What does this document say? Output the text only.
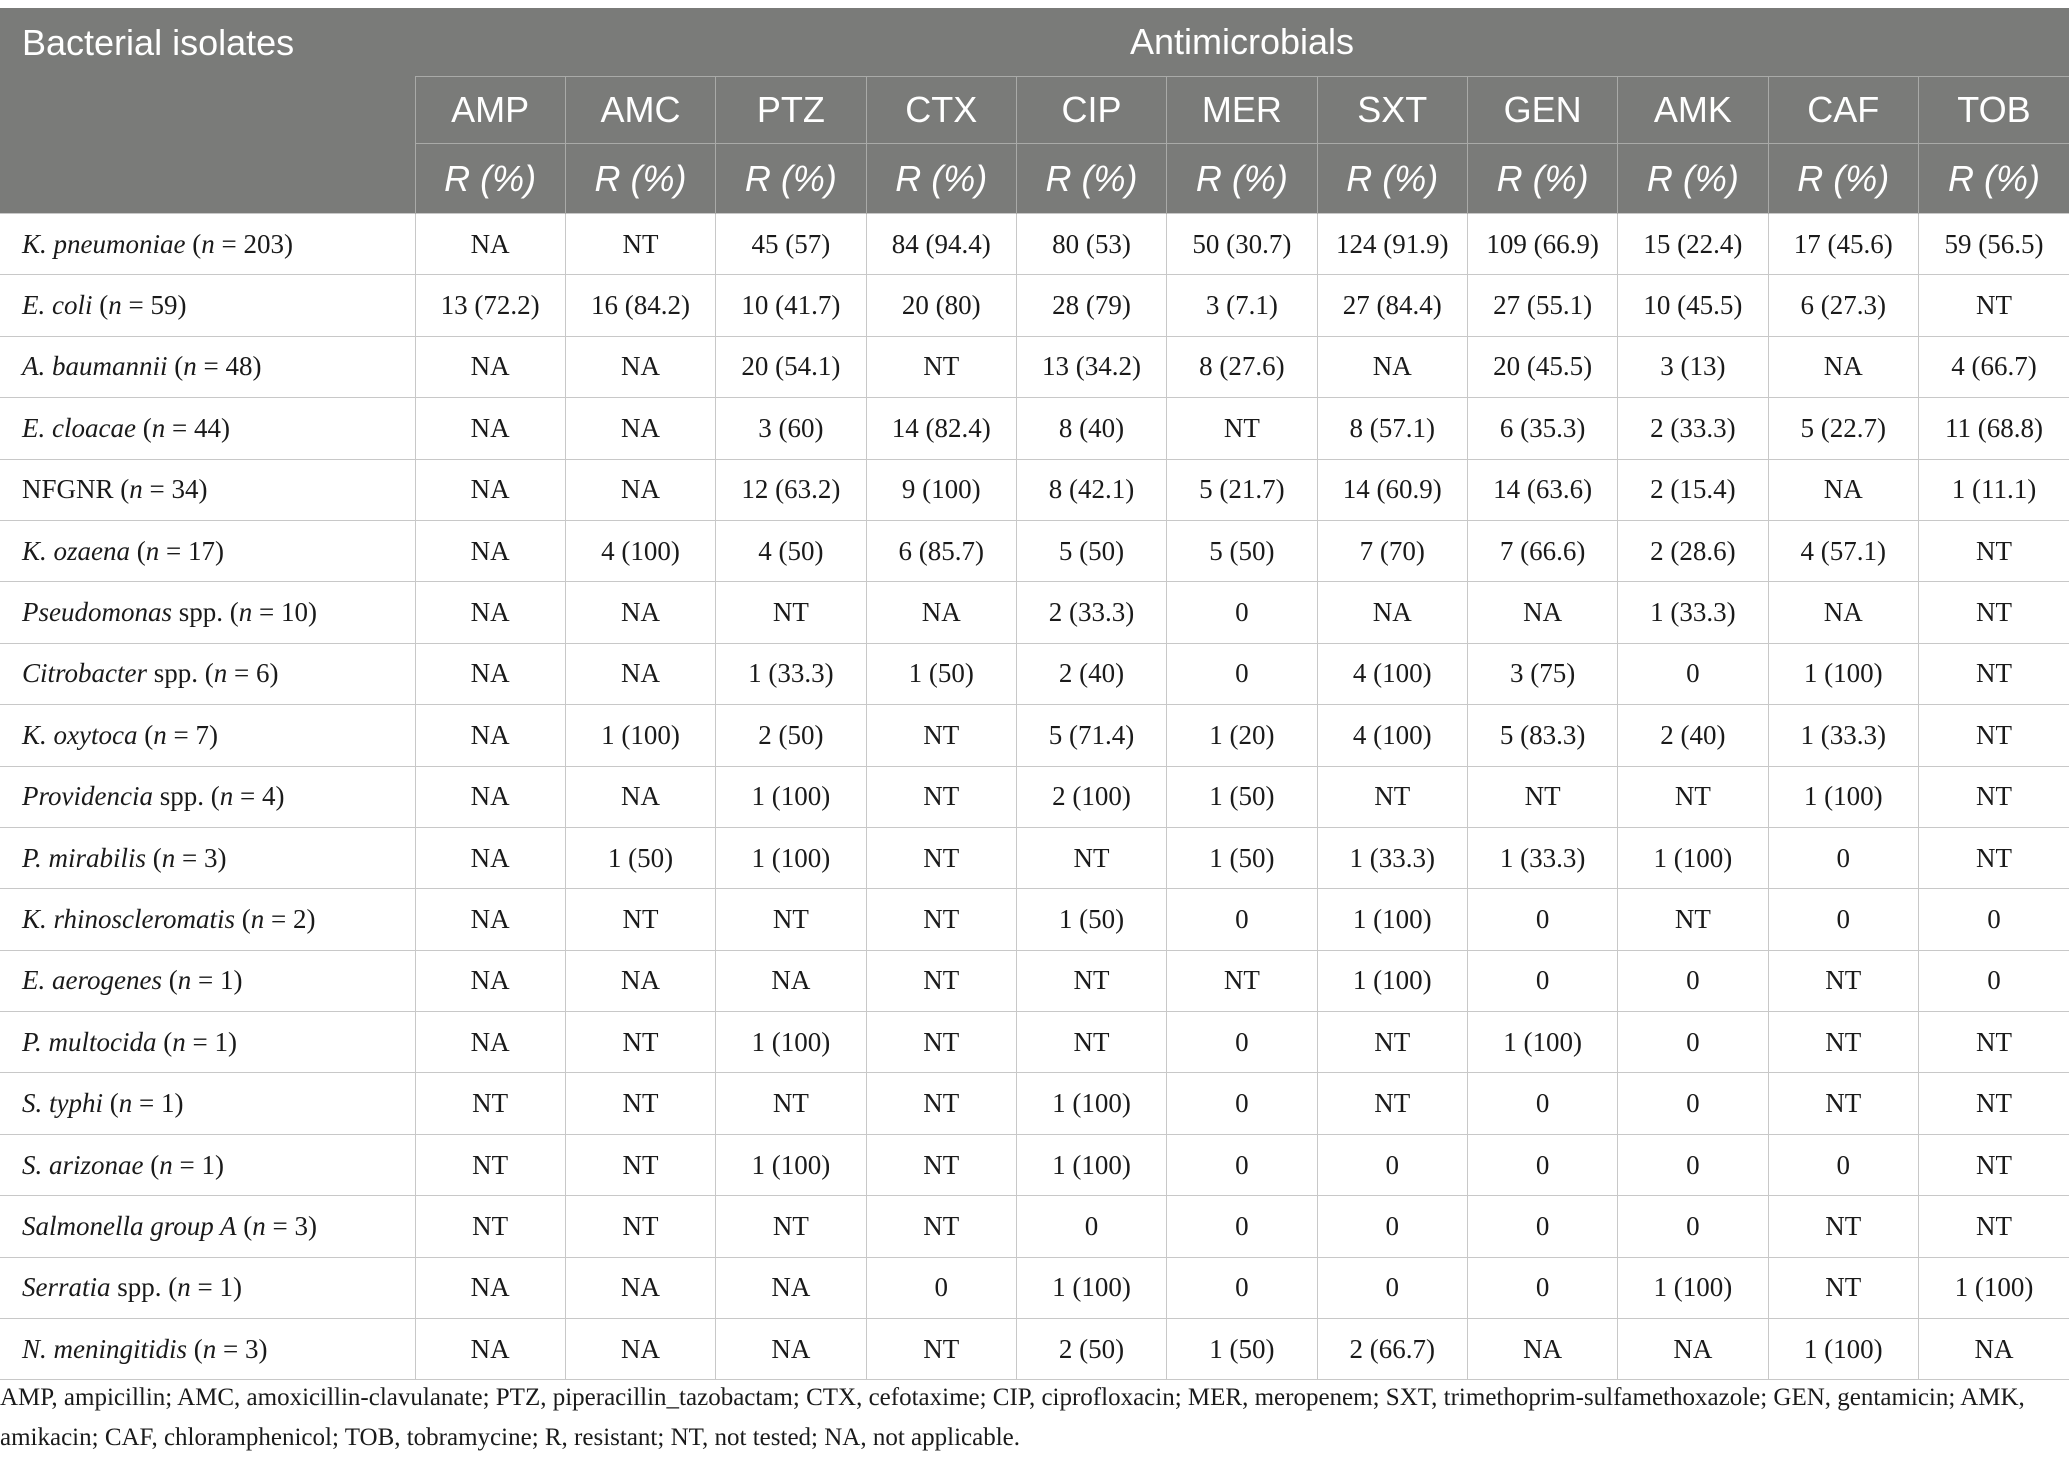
Bacterial isolates	Antimicrobials										
	AMP	AMC	PTZ	CTX	CIP	MER	SXT	GEN	AMK	CAF	TOB
	R (%)	R (%)	R (%)	R (%)	R (%)	R (%)	R (%)	R (%)	R (%)	R (%)	R (%)
K. pneumoniae (n = 203)	NA	NT	45 (57)	84 (94.4)	80 (53)	50 (30.7)	124 (91.9)	109 (66.9)	15 (22.4)	17 (45.6)	59 (56.5)
E. coli (n = 59)	13 (72.2)	16 (84.2)	10 (41.7)	20 (80)	28 (79)	3 (7.1)	27 (84.4)	27 (55.1)	10 (45.5)	6 (27.3)	NT
A. baumannii (n = 48)	NA	NA	20 (54.1)	NT	13 (34.2)	8 (27.6)	NA	20 (45.5)	3 (13)	NA	4 (66.7)
E. cloacae (n = 44)	NA	NA	3 (60)	14 (82.4)	8 (40)	NT	8 (57.1)	6 (35.3)	2 (33.3)	5 (22.7)	11 (68.8)
NFGNR (n = 34)	NA	NA	12 (63.2)	9 (100)	8 (42.1)	5 (21.7)	14 (60.9)	14 (63.6)	2 (15.4)	NA	1 (11.1)
K. ozaena (n = 17)	NA	4 (100)	4 (50)	6 (85.7)	5 (50)	5 (50)	7 (70)	7 (66.6)	2 (28.6)	4 (57.1)	NT
Pseudomonas spp. (n = 10)	NA	NA	NT	NA	2 (33.3)	0	NA	NA	1 (33.3)	NA	NT
Citrobacter spp. (n = 6)	NA	NA	1 (33.3)	1 (50)	2 (40)	0	4 (100)	3 (75)	0	1 (100)	NT
K. oxytoca (n = 7)	NA	1 (100)	2 (50)	NT	5 (71.4)	1 (20)	4 (100)	5 (83.3)	2 (40)	1 (33.3)	NT
Providencia spp. (n = 4)	NA	NA	1 (100)	NT	2 (100)	1 (50)	NT	NT	NT	1 (100)	NT
P. mirabilis (n = 3)	NA	1 (50)	1 (100)	NT	NT	1 (50)	1 (33.3)	1 (33.3)	1 (100)	0	NT
K. rhinoscleromatis (n = 2)	NA	NT	NT	NT	1 (50)	0	1 (100)	0	NT	0	0
E. aerogenes (n = 1)	NA	NA	NA	NT	NT	NT	1 (100)	0	0	NT	0
P. multocida (n = 1)	NA	NT	1 (100)	NT	NT	0	NT	1 (100)	0	NT	NT
S. typhi (n = 1)	NT	NT	NT	NT	1 (100)	0	NT	0	0	NT	NT
S. arizonae (n = 1)	NT	NT	1 (100)	NT	1 (100)	0	0	0	0	0	NT
Salmonella group A (n = 3)	NT	NT	NT	NT	0	0	0	0	0	NT	NT
Serratia spp. (n = 1)	NA	NA	NA	0	1 (100)	0	0	0	1 (100)	NT	1 (100)
N. meningitidis (n = 3)	NA	NA	NA	NT	2 (50)	1 (50)	2 (66.7)	NA	NA	1 (100)	NA
AMP, ampicillin; AMC, amoxicillin-clavulanate; PTZ, piperacillin_tazobactam; CTX, cefotaxime; CIP, ciprofloxacin; MER, meropenem; SXT, trimethoprim-sulfamethoxazole; GEN, gentamicin; AMK, amikacin; CAF, chloramphenicol; TOB, tobramycine; R, resistant; NT, not tested; NA, not applicable.
